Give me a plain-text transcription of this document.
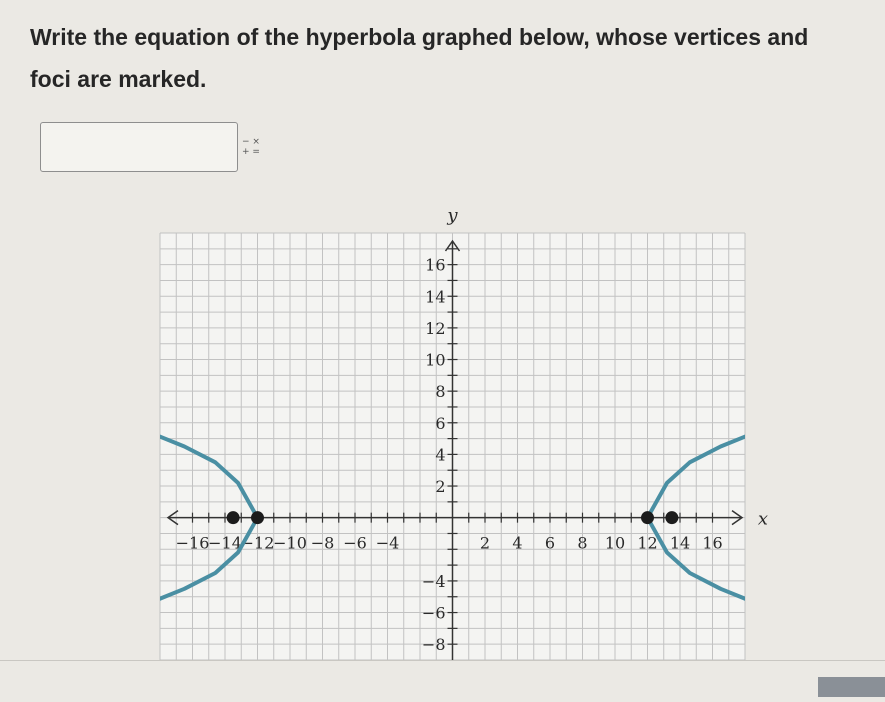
Write the equation of the hyperbola graphed below, whose vertices and
foci are marked.
− ×
+ =
−16
−14
−12
−10 −8 −6 −4	2 4 6 8 10 12 14 16
16
14
12
10
8
6
4
2
−4
−6
−8
x
y
